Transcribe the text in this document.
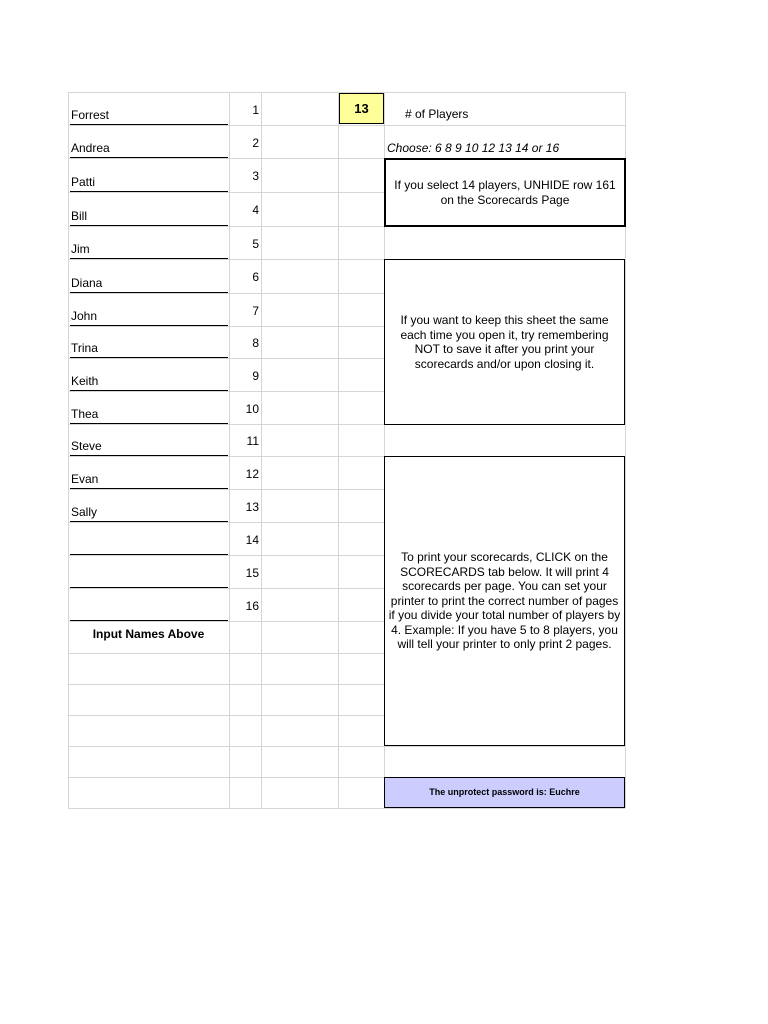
Forrest	1
Andrea	2
Patti	3
Bill	4
Jim	5
Diana	6
John	7
Trina	8
Keith	9
Thea	10
Steve	11
Evan	12
Sally	13
14
15
16
13	# of Players
Choose: 6 8 9 10 12 13 14 or 16
If you select 14 players, UNHIDE row 161 on the Scorecards Page
If you want to keep this sheet the same each time you open it, try remembering NOT to save it after you print your scorecards and/or upon closing it.
To print your scorecards, CLICK on the SCORECARDS tab below. It will print 4 scorecards per page. You can set your printer to print the correct number of pages if you divide your total number of players by 4. Example: If you have 5 to 8 players, you will tell your printer to only print 2 pages.
The unprotect password is: Euchre
Input Names Above
